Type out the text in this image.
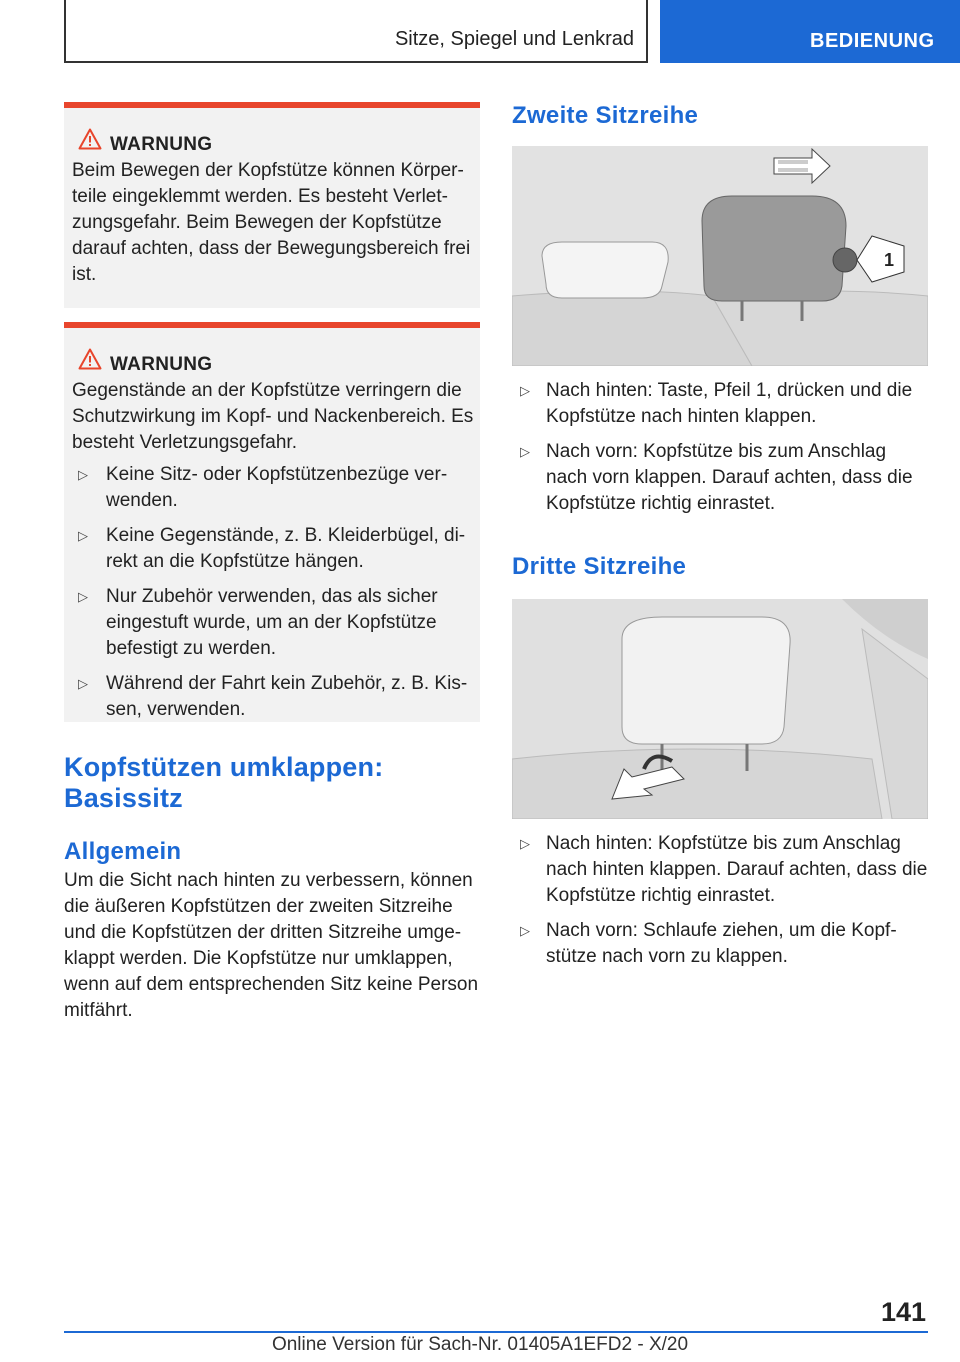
Sitze, Spiegel und Lenkrad	BEDIENUNG
WARNUNG
Beim Bewegen der Kopfstütze können Körperteile eingeklemmt werden. Es besteht Verletzungsgefahr. Beim Bewegen der Kopfstütze darauf achten, dass der Bewegungsbereich frei ist.
WARNUNG
Gegenstände an der Kopfstütze verringern die Schutzwirkung im Kopf- und Nackenbereich. Es besteht Verletzungsgefahr.
▷ Keine Sitz- oder Kopfstützenbezüge verwenden.
▷ Keine Gegenstände, z. B. Kleiderbügel, direkt an die Kopfstütze hängen.
▷ Nur Zubehör verwenden, das als sicher eingestuft wurde, um an der Kopfstütze befestigt zu werden.
▷ Während der Fahrt kein Zubehör, z. B. Kissen, verwenden.
Kopfstützen umklappen: Basissitz
Allgemein

Um die Sicht nach hinten zu verbessern, können die äußeren Kopfstützen der zweiten Sitzreihe und die Kopfstützen der dritten Sitzreihe umgeklappt werden. Die Kopfstütze nur umklappen, wenn auf dem entsprechenden Sitz keine Person mitfährt.

Zweite Sitzreihe
1
▷ Nach hinten: Taste, Pfeil 1, drücken und die Kopfstütze nach hinten klappen.
▷ Nach vorn: Kopfstütze bis zum Anschlag nach vorn klappen. Darauf achten, dass die Kopfstütze richtig einrastet.
Dritte Sitzreihe
▷ Nach hinten: Kopfstütze bis zum Anschlag nach hinten klappen. Darauf achten, dass die Kopfstütze richtig einrastet.
▷ Nach vorn: Schlaufe ziehen, um die Kopfstütze nach vorn zu klappen.
141
Online Version für Sach-Nr. 01405A1EFD2 - X/20
